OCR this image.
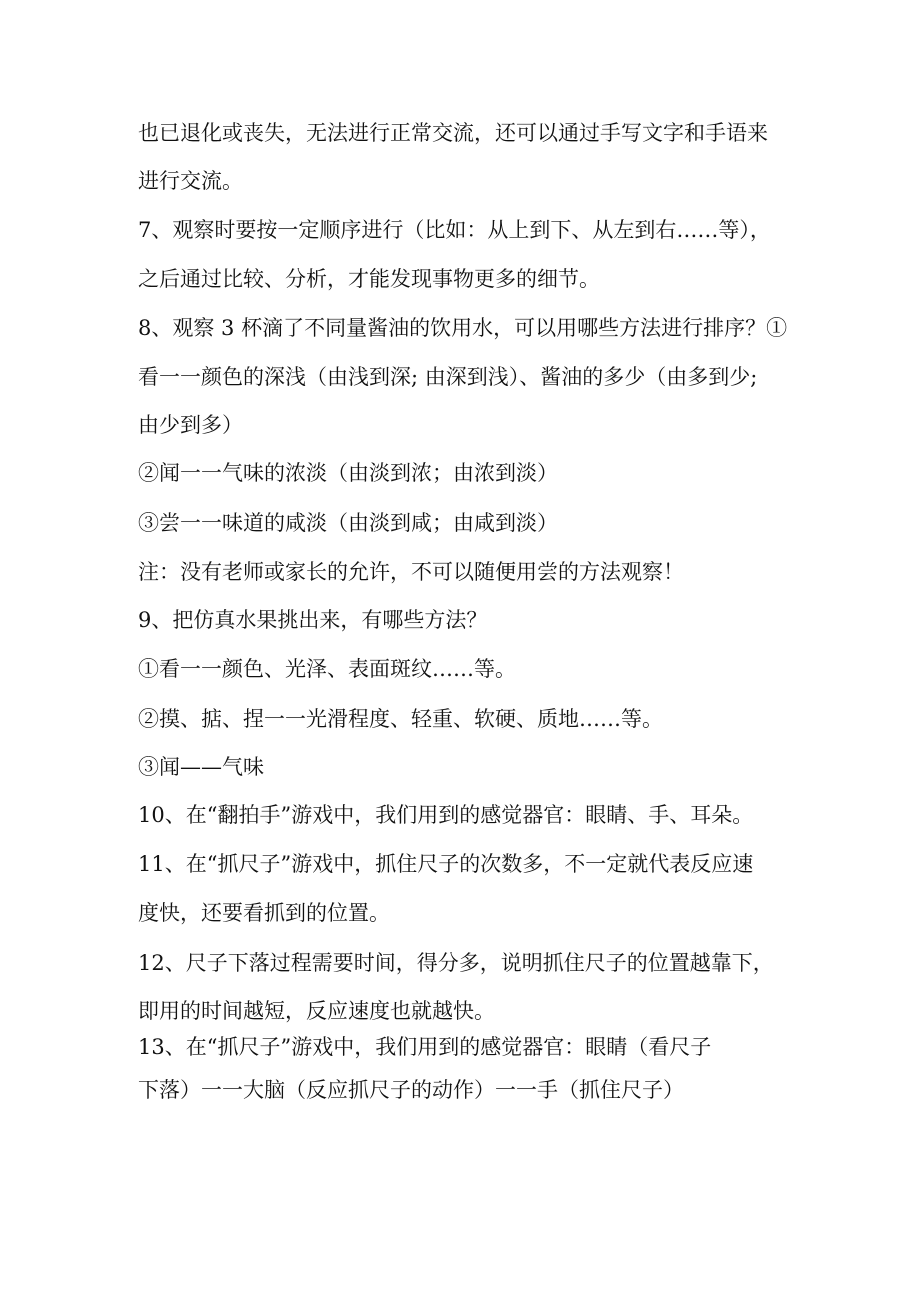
也已退化或丧失，无法进行正常交流，还可以通过手写文字和手语来
进行交流。
7、观察时要按一定顺序进行（比如：从上到下、从左到右……等），
之后通过比较、分析，才能发现事物更多的细节。
8、观察 3 杯滴了不同量酱油的饮用水，可以用哪些方法进行排序？①
看一一颜色的深浅（由浅到深; 由深到浅）、酱油的多少（由多到少;
由少到多）
②闻一一气味的浓淡（由淡到浓；由浓到淡）
③尝一一味道的咸淡（由淡到咸；由咸到淡）
注：没有老师或家长的允许，不可以随便用尝的方法观察！
9、把仿真水果挑出来，有哪些方法？
①看一一颜色、光泽、表面斑纹……等。
②摸、掂、捏一一光滑程度、轻重、软硬、质地……等。
③闻——气味
10、在“翻拍手”游戏中，我们用到的感觉器官：眼睛、手、耳朵。
11、在“抓尺子”游戏中，抓住尺子的次数多，不一定就代表反应速
度快，还要看抓到的位置。
12、尺子下落过程需要时间，得分多，说明抓住尺子的位置越靠下，
即用的时间越短，反应速度也就越快。
13、在“抓尺子”游戏中，我们用到的感觉器官：眼睛（看尺子
下落）一一大脑（反应抓尺子的动作）一一手（抓住尺子）
